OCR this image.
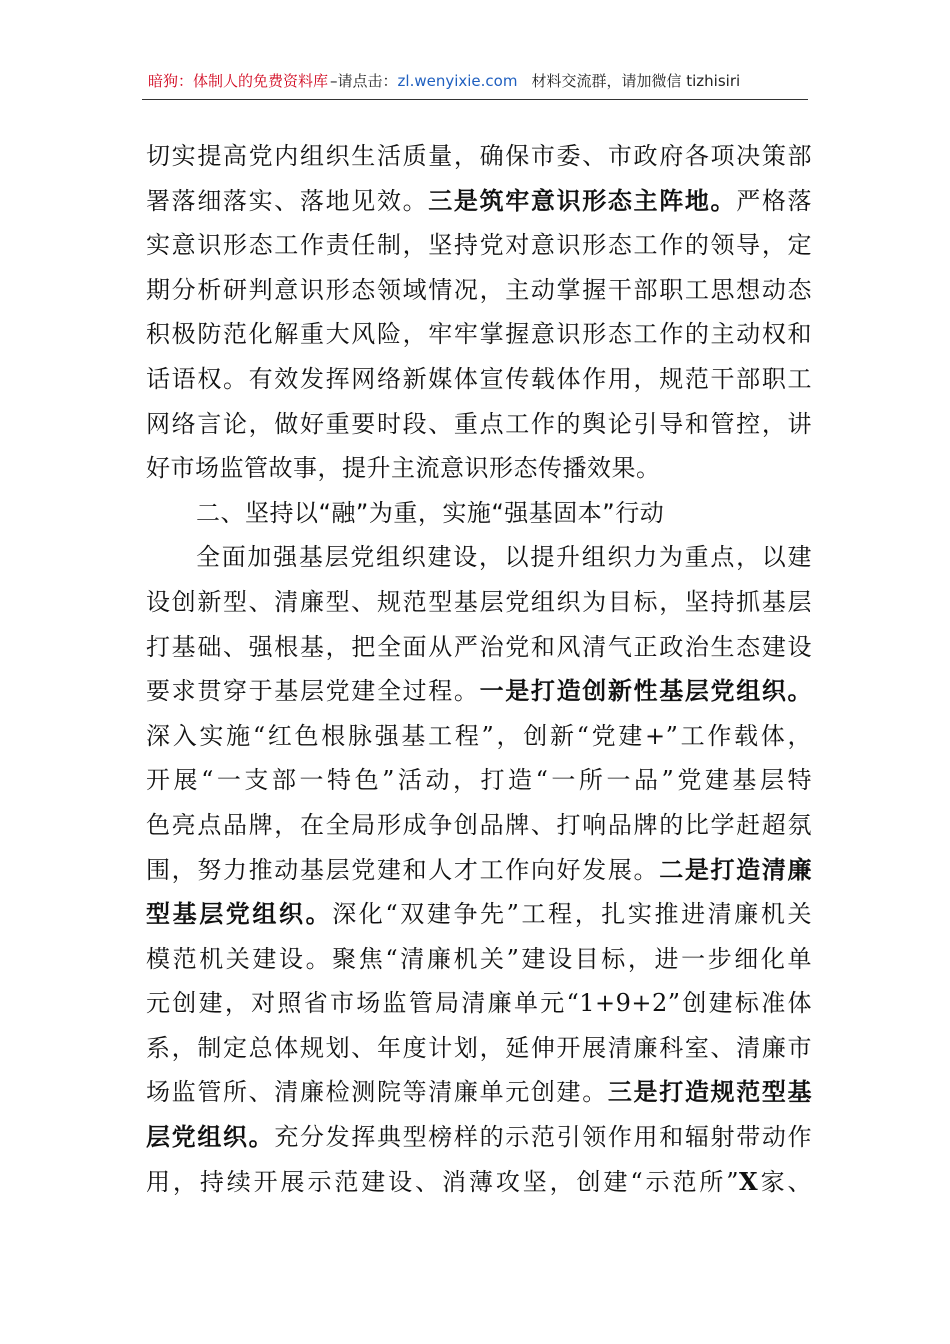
暗狗：体制人的免费资料库 –请点击：zl.wenyixie.com 材料交流群，请加微信 tizhisiri
切实提高党内组织生活质量，确保市委、市政府各项决策部
署落细落实、落地见效。三是筑牢意识形态主阵地。严格落
实意识形态工作责任制，坚持党对意识形态工作的领导，定
期分析研判意识形态领域情况，主动掌握干部职工思想动态
积极防范化解重大风险，牢牢掌握意识形态工作的主动权和
话语权。有效发挥网络新媒体宣传载体作用，规范干部职工
网络言论，做好重要时段、重点工作的舆论引导和管控，讲
好市场监管故事，提升主流意识形态传播效果。
二、坚持以“融”为重，实施“强基固本”行动
全面加强基层党组织建设，以提升组织力为重点，以建
设创新型、清廉型、规范型基层党组织为目标，坚持抓基层
打基础、强根基，把全面从严治党和风清气正政治生态建设
要求贯穿于基层党建全过程。一是打造创新性基层党组织。
深入实施“红色根脉强基工程”，创新“党建+”工作载体，
开展“一支部一特色”活动，打造“一所一品”党建基层特
色亮点品牌，在全局形成争创品牌、打响品牌的比学赶超氛
围，努力推动基层党建和人才工作向好发展。二是打造清廉
型基层党组织。深化“双建争先”工程，扎实推进清廉机关
模范机关建设。聚焦“清廉机关”建设目标，进一步细化单
元创建，对照省市场监管局清廉单元“1+9+2”创建标准体
系，制定总体规划、年度计划，延伸开展清廉科室、清廉市
场监管所、清廉检测院等清廉单元创建。三是打造规范型基
层党组织。充分发挥典型榜样的示范引领作用和辐射带动作
用，持续开展示范建设、消薄攻坚，创建“示范所”X家、
